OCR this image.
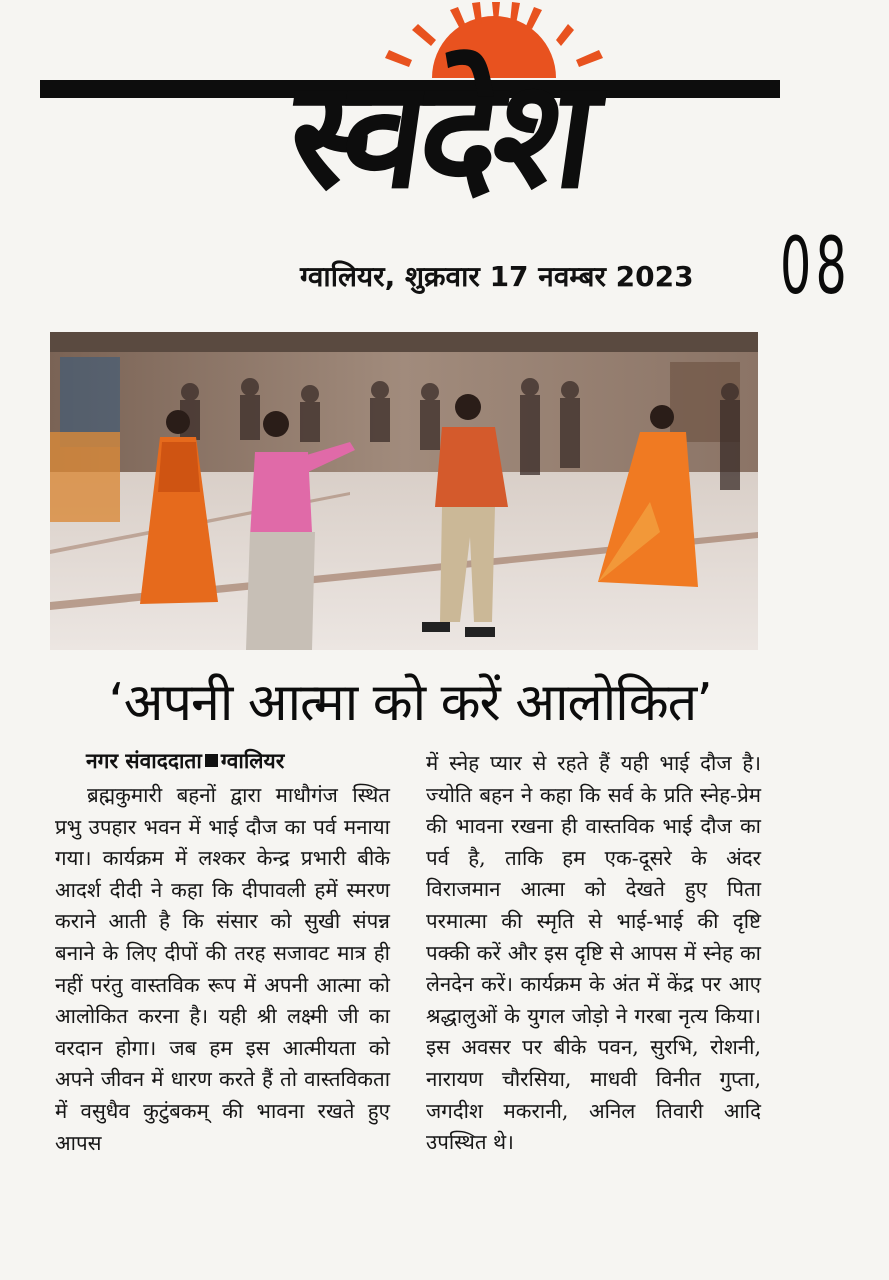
स्वदेश
ग्वालियर, शुक्रवार 17 नवम्बर 2023	08
‘अपनी आत्मा को करें आलोकित’
नगर संवाददाता ग्वालियर

ब्रह्मकुमारी बहनों द्वारा माधौगंज स्थित प्रभु उपहार भवन में भाई दौज का पर्व मनाया गया। कार्यक्रम में लश्कर केन्द्र प्रभारी बीके आदर्श दीदी ने कहा कि दीपावली हमें स्मरण कराने आती है कि संसार को सुखी संपन्न बनाने के लिए दीपों की तरह सजावट मात्र ही नहीं परंतु वास्तविक रूप में अपनी आत्मा को आलोकित करना है। यही श्री लक्ष्मी जी का वरदान होगा। जब हम इस आत्मीयता को अपने जीवन में धारण करते हैं तो वास्तविकता में वसुधैव कुटुंबकम् की भावना रखते हुए आपस

में स्नेह प्यार से रहते हैं यही भाई दौज है। ज्योति बहन ने कहा कि सर्व के प्रति स्नेह-प्रेम की भावना रखना ही वास्तविक भाई दौज का पर्व है, ताकि हम एक-दूसरे के अंदर विराजमान आत्मा को देखते हुए पिता परमात्मा की स्मृति से भाई-भाई की दृष्टि पक्की करें और इस दृष्टि से आपस में स्नेह का लेनदेन करें। कार्यक्रम के अंत में केंद्र पर आए श्रद्धालुओं के युगल जोड़ो ने गरबा नृत्य किया। इस अवसर पर बीके पवन, सुरभि, रोशनी, नारायण चौरसिया, माधवी विनीत गुप्ता, जगदीश मकरानी, अनिल तिवारी आदि उपस्थित थे।
